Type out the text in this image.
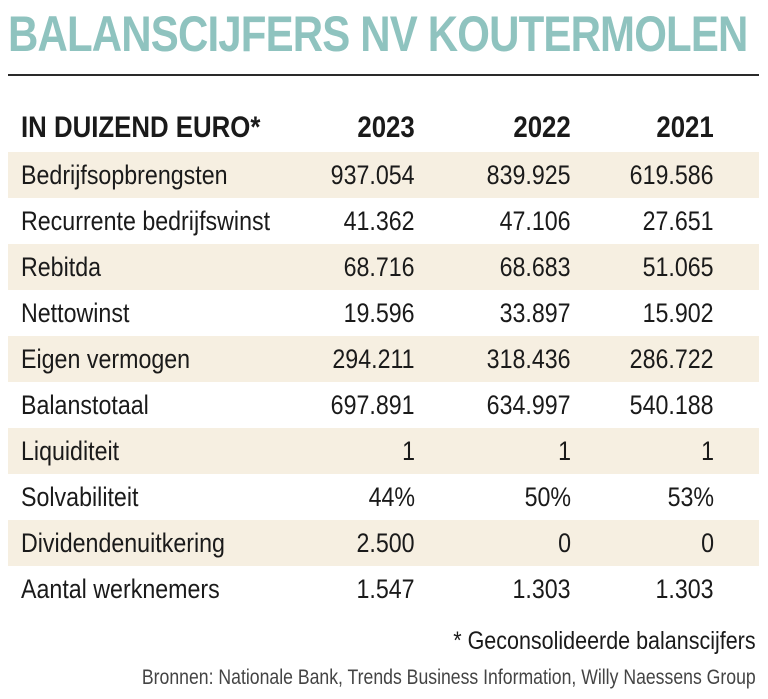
BALANSCIJFERS NV KOUTERMOLEN
IN DUIZEND EURO*	2023	2022	2021
Bedrijfsopbrengsten	937.054	839.925 619.586
Recurrente bedrijfswinst	41.362	47.106	27.651
Rebitda	68.716	68.683	51.065
Nettowinst	19.596	33.897	15.902
Eigen vermogen	294.211	318.436 286.722
Balanstotaal	697.891	634.997 540.188
Liquiditeit	1	1	1
Solvabiliteit	44%	50%	53%
Dividendenuitkering	2.500	0	0
Aantal werknemers	1.547	1.303	1.303
* Geconsolideerde balanscijfers
Bronnen: Nationale Bank, Trends Business Information, Willy Naessens Group
